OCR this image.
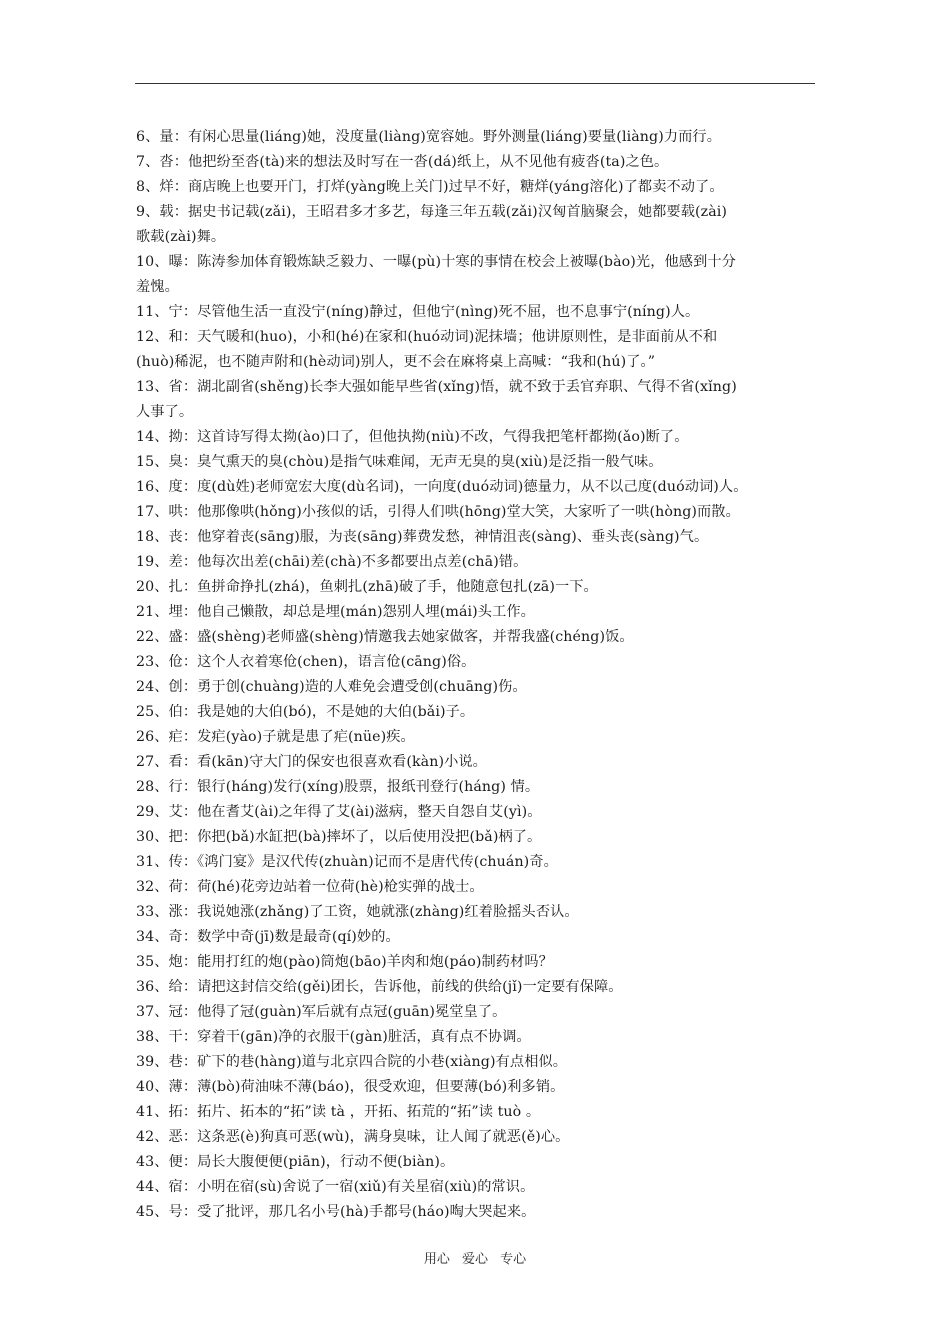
6、量：有闲心思量(liáng)她，没度量(liàng)宽容她。野外测量(liáng)要量(liàng)力而行。
7、沓：他把纷至沓(tà)来的想法及时写在一沓(dá)纸上，从不见他有疲沓(ta)之色。
8、烊：商店晚上也要开门，打烊(yàng晚上关门)过早不好，糖烊(yáng溶化)了都卖不动了。
9、载：据史书记载(zǎi)，王昭君多才多艺，每逢三年五载(zǎi)汉匈首脑聚会，她都要载(zài)
歌载(zài)舞。
10、曝：陈涛参加体育锻炼缺乏毅力、一曝(pù)十寒的事情在校会上被曝(bào)光，他感到十分
羞愧。
11、宁：尽管他生活一直没宁(níng)静过，但他宁(nìng)死不屈，也不息事宁(níng)人。
12、和：天气暖和(huo)，小和(hé)在家和(huó动词)泥抹墙；他讲原则性，是非面前从不和
(huò)稀泥，也不随声附和(hè动词)别人，更不会在麻将桌上高喊：“我和(hú)了。”
13、省：湖北副省(shěng)长李大强如能早些省(xǐng)悟，就不致于丢官弃职、气得不省(xǐng)
人事了。
14、拗：这首诗写得太拗(ào)口了，但他执拗(niù)不改，气得我把笔杆都拗(ǎo)断了。
15、臭：臭气熏天的臭(chòu)是指气味难闻，无声无臭的臭(xiù)是泛指一般气味。
16、度：度(dù姓)老师宽宏大度(dù名词)，一向度(duó动词)德量力，从不以己度(duó动词)人。
17、哄：他那像哄(hǒng)小孩似的话，引得人们哄(hōng)堂大笑，大家听了一哄(hòng)而散。
18、丧：他穿着丧(sāng)服，为丧(sāng)葬费发愁，神情沮丧(sàng)、垂头丧(sàng)气。
19、差：他每次出差(chāi)差(chà)不多都要出点差(chā)错。
20、扎：鱼拼命挣扎(zhá)，鱼刺扎(zhā)破了手，他随意包扎(zā)一下。
21、埋：他自己懒散，却总是埋(mán)怨别人埋(mái)头工作。
22、盛：盛(shèng)老师盛(shèng)情邀我去她家做客，并帮我盛(chéng)饭。
23、伧：这个人衣着寒伧(chen)，语言伧(cāng)俗。
24、创：勇于创(chuàng)造的人难免会遭受创(chuāng)伤。
25、伯：我是她的大伯(bó)，不是她的大伯(bǎi)子。
26、疟：发疟(yào)子就是患了疟(nüe)疾。
27、看：看(kān)守大门的保安也很喜欢看(kàn)小说。
28、行：银行(háng)发行(xíng)股票，报纸刊登行(háng) 情。
29、艾：他在耆艾(ài)之年得了艾(ài)滋病，整天自怨自艾(yì)。
30、把：你把(bǎ)水缸把(bà)摔坏了，以后使用没把(bǎ)柄了。
31、传：《鸿门宴》是汉代传(zhuàn)记而不是唐代传(chuán)奇。
32、荷：荷(hé)花旁边站着一位荷(hè)枪实弹的战士。
33、涨：我说她涨(zhǎng)了工资，她就涨(zhàng)红着脸摇头否认。
34、奇：数学中奇(jī)数是最奇(qí)妙的。
35、炮：能用打红的炮(pào)筒炮(bāo)羊肉和炮(páo)制药材吗？
36、给：请把这封信交给(gěi)团长，告诉他，前线的供给(jǐ)一定要有保障。
37、冠：他得了冠(guàn)军后就有点冠(guān)冕堂皇了。
38、干：穿着干(gān)净的衣服干(gàn)脏活，真有点不协调。
39、巷：矿下的巷(hàng)道与北京四合院的小巷(xiàng)有点相似。
40、薄：薄(bò)荷油味不薄(báo)，很受欢迎，但要薄(bó)利多销。
41、拓：拓片、拓本的“拓”读 tà ，开拓、拓荒的“拓”读 tuò 。
42、恶：这条恶(è)狗真可恶(wù)，满身臭味，让人闻了就恶(ě)心。
43、便：局长大腹便便(piān)，行动不便(biàn)。
44、宿：小明在宿(sù)舍说了一宿(xiǔ)有关星宿(xiù)的常识。
45、号：受了批评，那几名小号(hà)手都号(háo)啕大哭起来。
用心 爱心 专心
